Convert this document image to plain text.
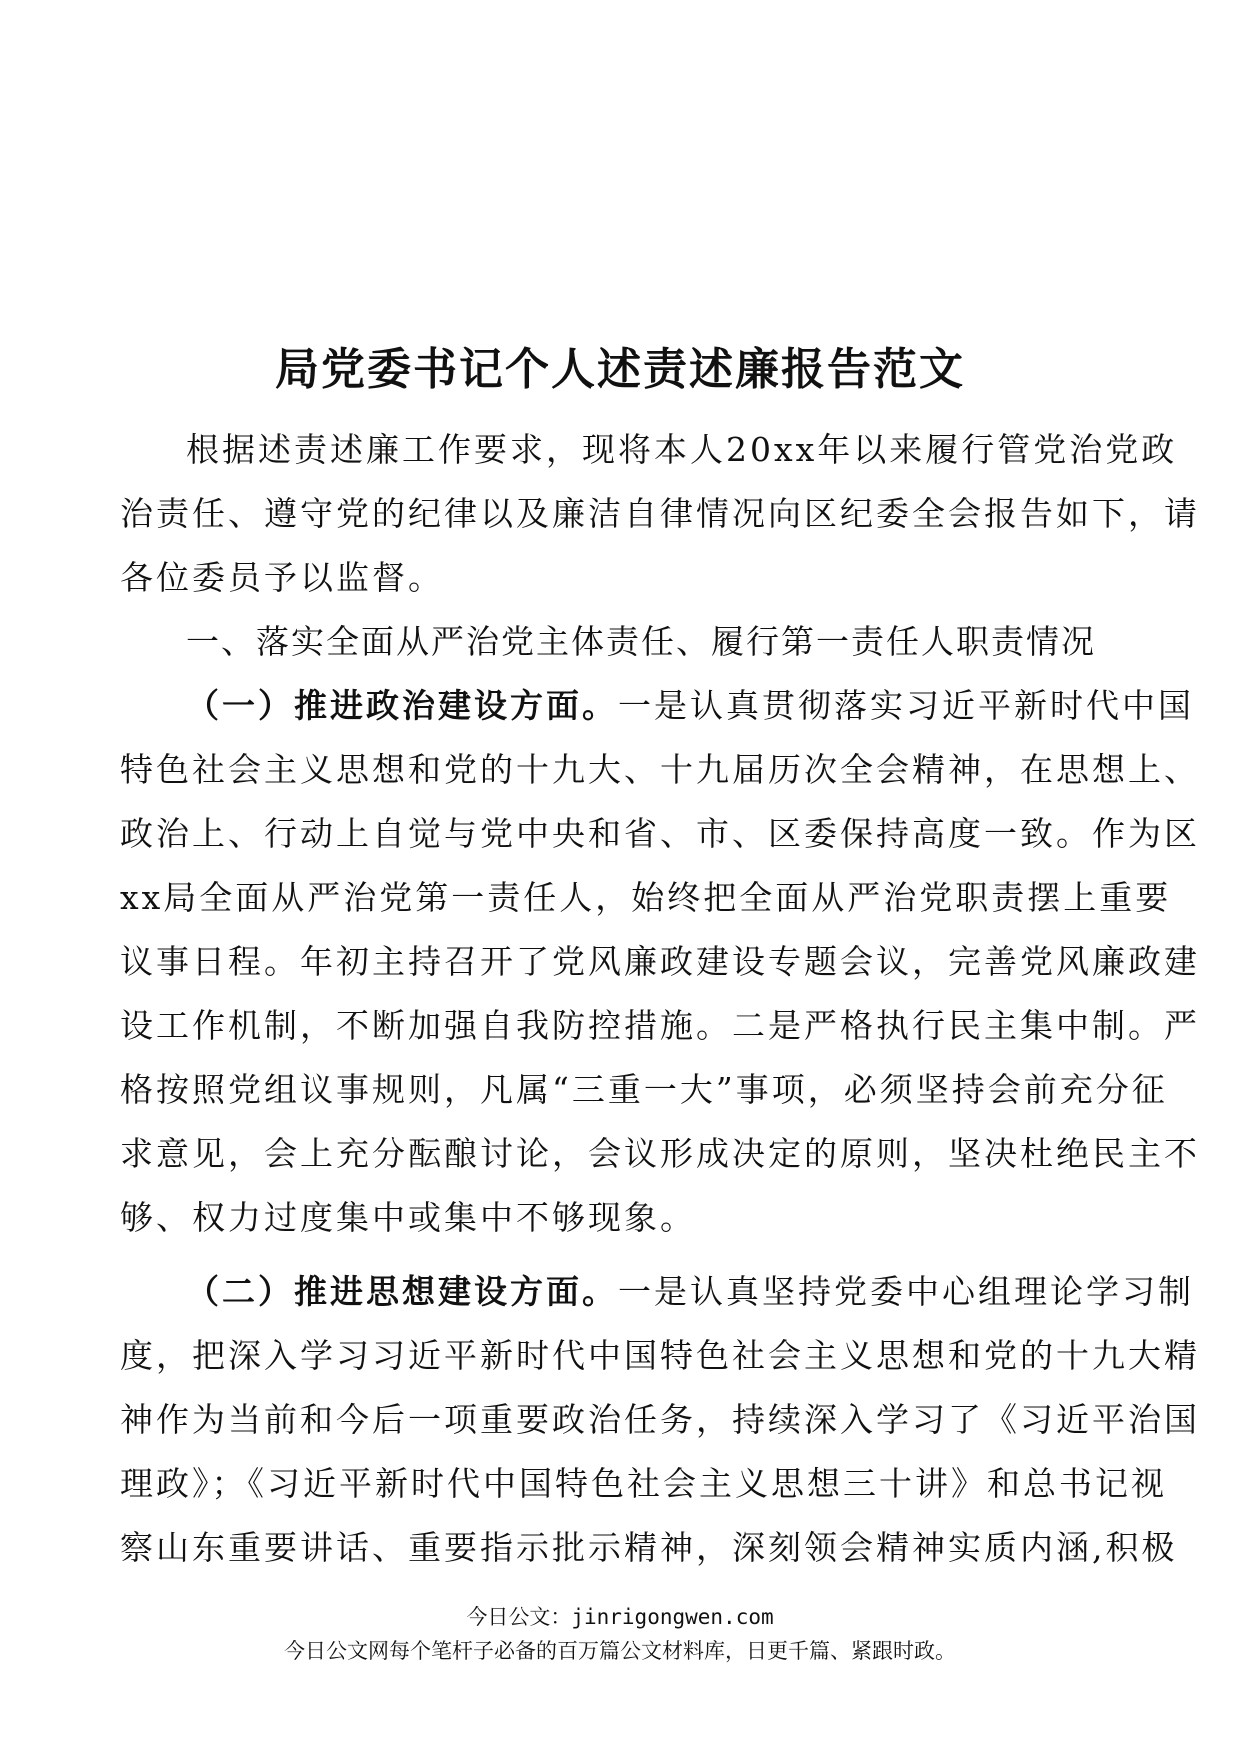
局党委书记个人述责述廉报告范文
根据述责述廉工作要求，现将本人20xx年以来履行管党治党政
治责任、遵守党的纪律以及廉洁自律情况向区纪委全会报告如下，请
各位委员予以监督。
一、落实全面从严治党主体责任、履行第一责任人职责情况
（一）推进政治建设方面。一是认真贯彻落实习近平新时代中国
特色社会主义思想和党的十九大、十九届历次全会精神，在思想上、
政治上、行动上自觉与党中央和省、市、区委保持高度一致。作为区
xx局全面从严治党第一责任人，始终把全面从严治党职责摆上重要
议事日程。年初主持召开了党风廉政建设专题会议，完善党风廉政建
设工作机制，不断加强自我防控措施。二是严格执行民主集中制。严
格按照党组议事规则，凡属“三重一大”事项，必须坚持会前充分征
求意见，会上充分酝酿讨论，会议形成决定的原则，坚决杜绝民主不
够、权力过度集中或集中不够现象。
（二）推进思想建设方面。一是认真坚持党委中心组理论学习制
度，把深入学习习近平新时代中国特色社会主义思想和党的十九大精
神作为当前和今后一项重要政治任务，持续深入学习了《习近平治国
理政》；《习近平新时代中国特色社会主义思想三十讲》和总书记视
察山东重要讲话、重要指示批示精神，深刻领会精神实质内涵,积极
今日公文：jinrigongwen.com
今日公文网每个笔杆子必备的百万篇公文材料库，日更千篇、紧跟时政。
